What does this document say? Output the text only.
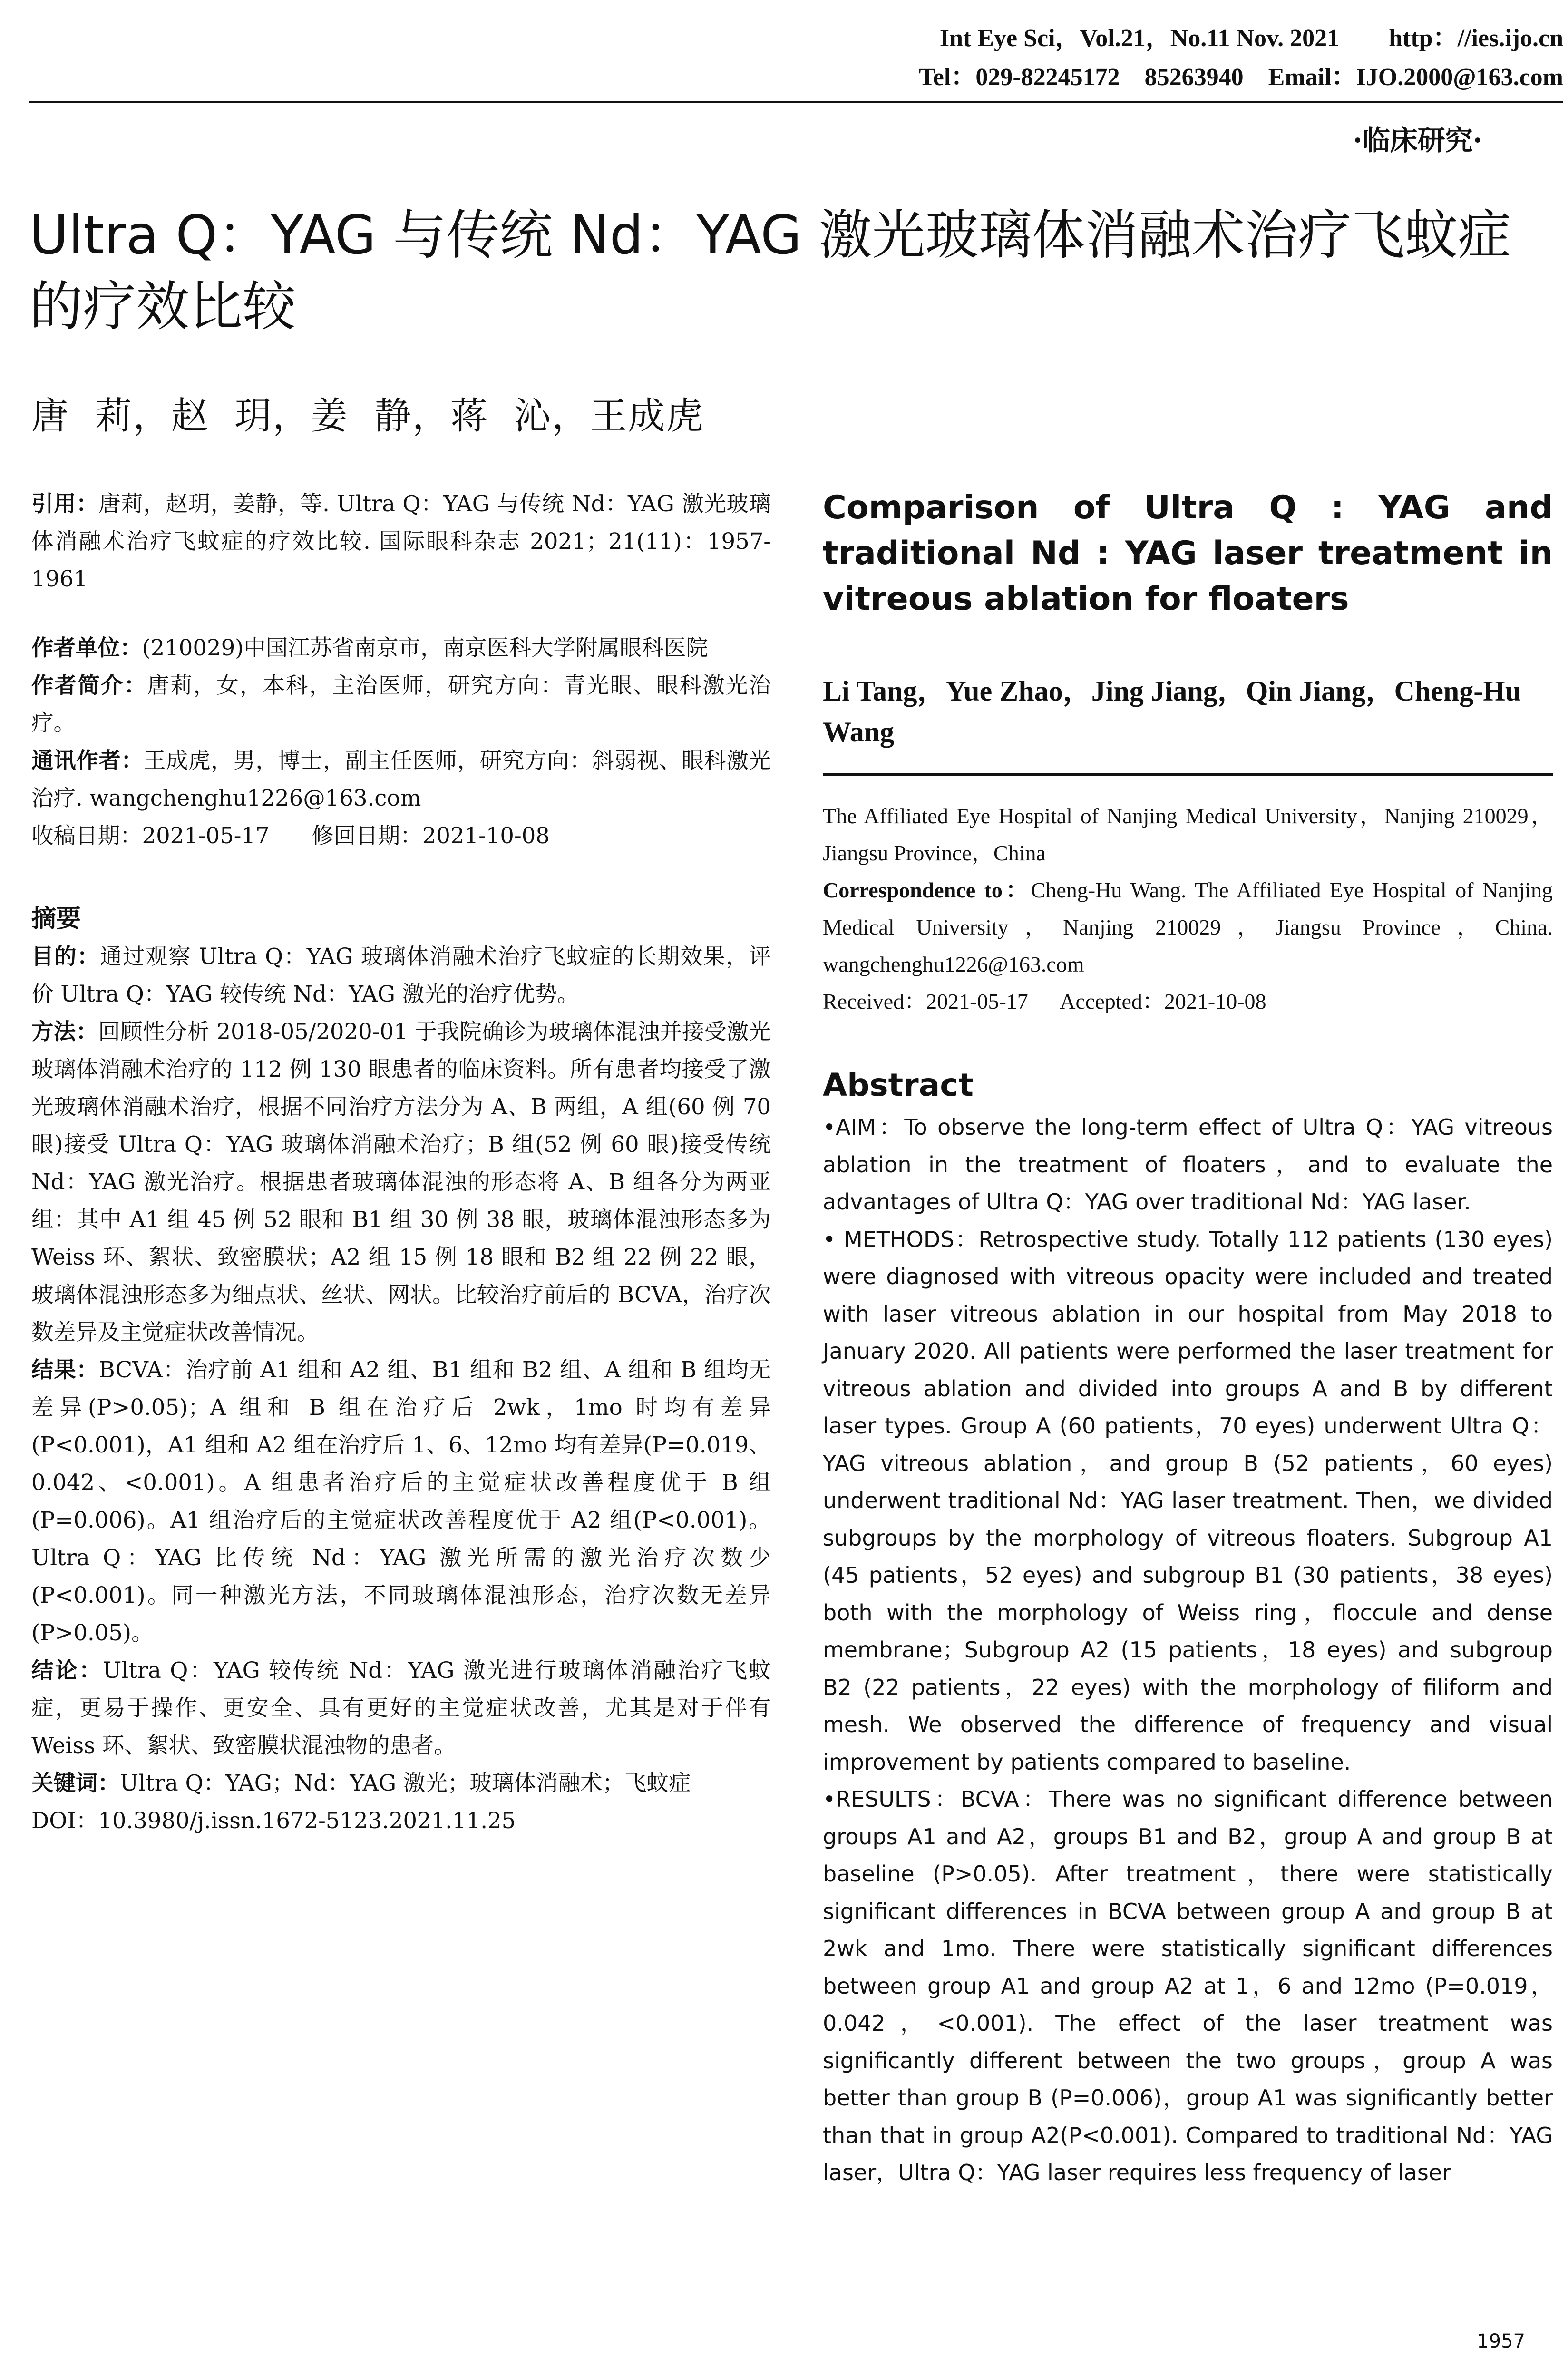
Int Eye Sci，Vol.21，No.11 Nov. 2021        http：//ies.ijo.cn
Tel：029-82245172    85263940    Email：IJO.2000@163.com
·临床研究·
Ultra Q：YAG 与传统 Nd：YAG 激光玻璃体消融术治疗飞蚊症的疗效比较
唐  莉，赵  玥，姜  静，蒋  沁，王成虎

引用：唐莉，赵玥，姜静，等. Ultra Q：YAG 与传统 Nd：YAG 激光玻璃体消融术治疗飞蚊症的疗效比较. 国际眼科杂志 2021；21(11)：1957-1961

作者单位：(210029)中国江苏省南京市，南京医科大学附属眼科医院

作者简介：唐莉，女，本科，主治医师，研究方向：青光眼、眼科激光治疗。

通讯作者：王成虎，男，博士，副主任医师，研究方向：斜弱视、眼科激光治疗. wangchenghu1226@163.com

收稿日期：2021-05-17      修回日期：2021-10-08

摘要

目的：通过观察 Ultra Q：YAG 玻璃体消融术治疗飞蚊症的长期效果，评价 Ultra Q：YAG 较传统 Nd：YAG 激光的治疗优势。

方法：回顾性分析 2018-05/2020-01 于我院确诊为玻璃体混浊并接受激光玻璃体消融术治疗的 112 例 130 眼患者的临床资料。所有患者均接受了激光玻璃体消融术治疗，根据不同治疗方法分为 A、B 两组，A 组(60 例 70 眼)接受 Ultra Q：YAG 玻璃体消融术治疗；B 组(52 例 60 眼)接受传统 Nd：YAG 激光治疗。根据患者玻璃体混浊的形态将 A、B 组各分为两亚组：其中 A1 组 45 例 52 眼和 B1 组 30 例 38 眼，玻璃体混浊形态多为 Weiss 环、絮状、致密膜状；A2 组 15 例 18 眼和 B2 组 22 例 22 眼，玻璃体混浊形态多为细点状、丝状、网状。比较治疗前后的 BCVA，治疗次数差异及主觉症状改善情况。

结果：BCVA：治疗前 A1 组和 A2 组、B1 组和 B2 组、A 组和 B 组均无差异(P>0.05)；A 组和 B 组在治疗后 2wk，1mo 时均有差异(P<0.001)，A1 组和 A2 组在治疗后 1、6、12mo 均有差异(P=0.019、0.042、<0.001)。A 组患者治疗后的主觉症状改善程度优于 B 组(P=0.006)。A1 组治疗后的主觉症状改善程度优于 A2 组(P<0.001)。Ultra Q：YAG 比传统 Nd：YAG 激光所需的激光治疗次数少(P<0.001)。同一种激光方法，不同玻璃体混浊形态，治疗次数无差异(P>0.05)。

结论：Ultra Q：YAG 较传统 Nd：YAG 激光进行玻璃体消融治疗飞蚊症，更易于操作、更安全、具有更好的主觉症状改善，尤其是对于伴有 Weiss 环、絮状、致密膜状混浊物的患者。

关键词：Ultra Q：YAG；Nd：YAG 激光；玻璃体消融术；飞蚊症

DOI：10.3980/j.issn.1672-5123.2021.11.25

Comparison of Ultra Q : YAG and traditional Nd : YAG laser treatment in vitreous ablation for floaters
Li Tang，Yue Zhao，Jing Jiang，Qin Jiang，Cheng-Hu Wang
The Affiliated Eye Hospital of Nanjing Medical University，Nanjing 210029，Jiangsu Province，China
Correspondence to：Cheng-Hu Wang. The Affiliated Eye Hospital of Nanjing Medical University，Nanjing 210029，Jiangsu Province，China. wangchenghu1226@163.com
Received：2021-05-17      Accepted：2021-10-08
Abstract

•AIM：To observe the long-term effect of Ultra Q：YAG vitreous ablation in the treatment of floaters，and to evaluate the advantages of Ultra Q：YAG over traditional Nd：YAG laser.

• METHODS：Retrospective study. Totally 112 patients (130 eyes) were diagnosed with vitreous opacity were included and treated with laser vitreous ablation in our hospital from May 2018 to January 2020. All patients were performed the laser treatment for vitreous ablation and divided into groups A and B by different laser types. Group A (60 patients，70 eyes) underwent Ultra Q：YAG vitreous ablation，and group B (52 patients，60 eyes) underwent traditional Nd：YAG laser treatment. Then，we divided subgroups by the morphology of vitreous floaters. Subgroup A1 (45 patients，52 eyes) and subgroup B1 (30 patients，38 eyes) both with the morphology of Weiss ring，floccule and dense membrane；Subgroup A2 (15 patients，18 eyes) and subgroup B2 (22 patients，22 eyes) with the morphology of filiform and mesh. We observed the difference of frequency and visual improvement by patients compared to baseline.

•RESULTS：BCVA：There was no significant difference between groups A1 and A2，groups B1 and B2，group A and group B at baseline (P>0.05). After treatment，there were statistically significant differences in BCVA between group A and group B at 2wk and 1mo. There were statistically significant differences between group A1 and group A2 at 1，6 and 12mo (P=0.019，0.042，<0.001). The effect of the laser treatment was significantly different between the two groups，group A was better than group B (P=0.006)，group A1 was significantly better than that in group A2(P<0.001). Compared to traditional Nd：YAG laser，Ultra Q：YAG laser requires less frequency of laser

1957
